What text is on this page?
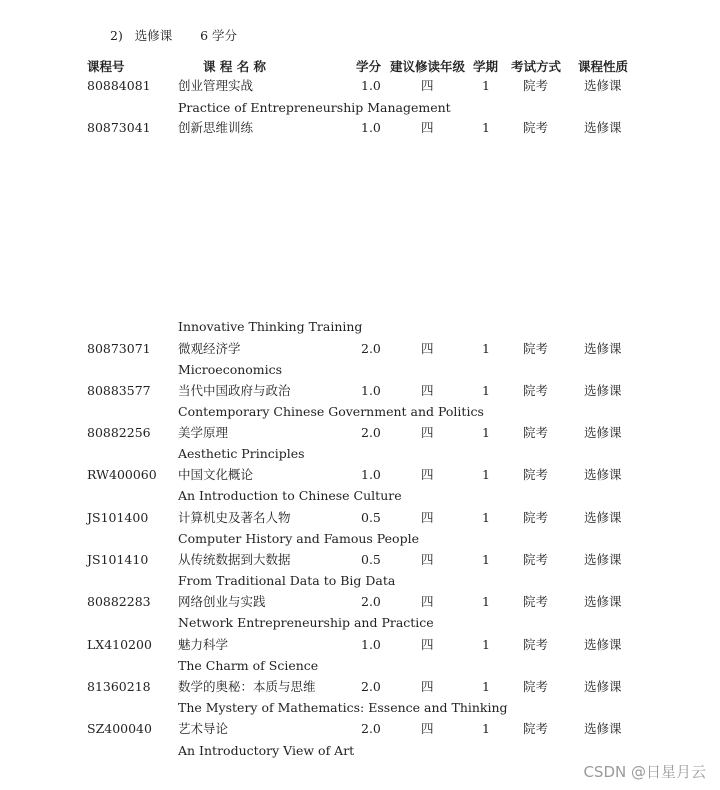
2)   选修课       6 学分
课程号	课 程 名 称	学分 建议修读年级 学期 考试方式 课程性质
80884081 创业管理实战	1.0	四	1	院考	选修课
Practice of Entrepreneurship Management
80873041 创新思维训练	1.0	四	1	院考	选修课
Innovative Thinking Training
80873071 微观经济学	2.0	四	1	院考	选修课
Microeconomics
80883577 当代中国政府与政治	1.0	四	1	院考	选修课
Contemporary Chinese Government and Politics
80882256 美学原理	2.0	四	1	院考	选修课
Aesthetic Principles
RW400060 中国文化概论	1.0	四	1	院考	选修课
An Introduction to Chinese Culture
JS101400 计算机史及著名人物	0.5	四	1	院考	选修课
Computer History and Famous People
JS101410 从传统数据到大数据	0.5	四	1	院考	选修课
From Traditional Data to Big Data
80882283 网络创业与实践	2.0	四	1	院考	选修课
Network Entrepreneurship and Practice
LX410200 魅力科学	1.0	四	1	院考	选修课
The Charm of Science
81360218 数学的奥秘：本质与思维	2.0	四	1	院考	选修课
The Mystery of Mathematics: Essence and Thinking
SZ400040 艺术导论	2.0	四	1	院考	选修课
An Introductory View of Art
CSDN @日星月云
